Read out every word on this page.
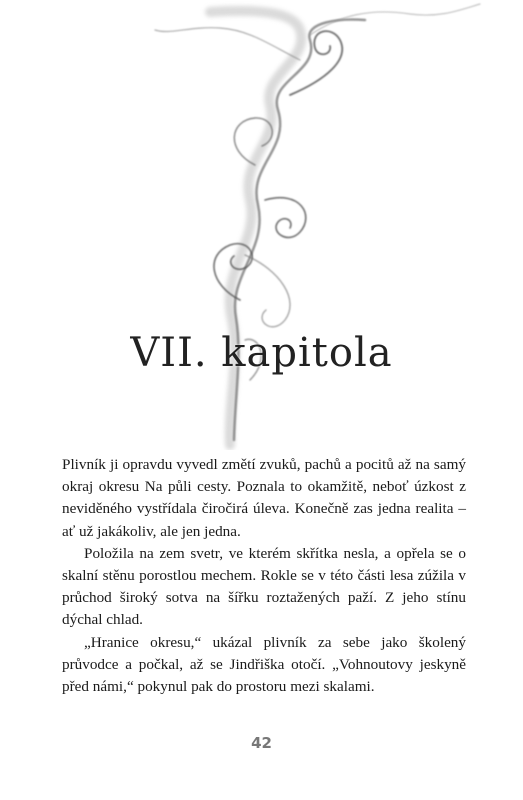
VII. kapitola

Plivník ji opravdu vyvedl změtí zvuků, pachů a pocitů až na samý okraj okresu Na půli cesty. Poznala to okamžitě, neboť úzkost z neviděného vystřídala čiročirá úleva. Konečně zas jedna realita – ať už jakákoliv, ale jen jedna.

Položila na zem svetr, ve kterém skřítka nesla, a opřela se o skalní stěnu porostlou mechem. Rokle se v této části lesa zúžila v průchod široký sotva na šířku roztažených paží. Z jeho stínu dýchal chlad.

„Hranice okresu,“ ukázal plivník za sebe jako školený průvodce a počkal, až se Jindřiška otočí. „Vohnoutovy jeskyně před námi,“ pokynul pak do prostoru mezi skalami.

42
